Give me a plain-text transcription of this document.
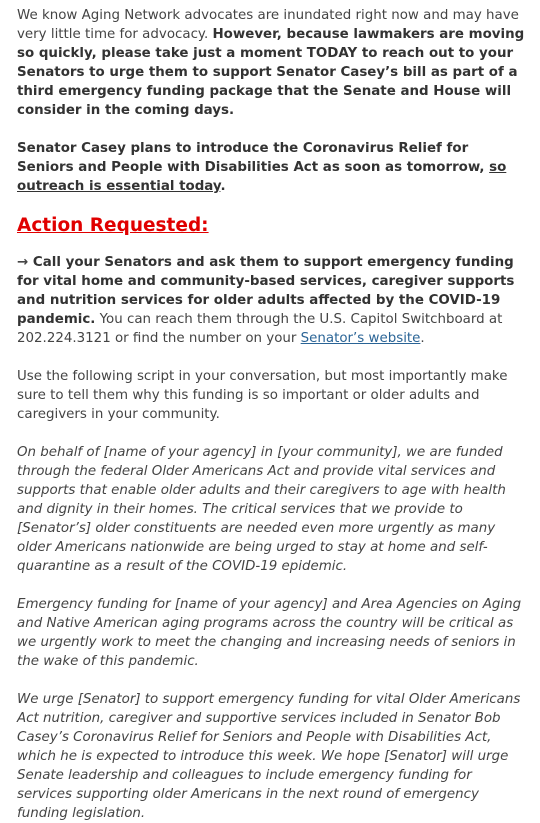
We know Aging Network advocates are inundated right now and may have very little time for advocacy. However, because lawmakers are moving so quickly, please take just a moment TODAY to reach out to your Senators to urge them to support Senator Casey’s bill as part of a third emergency funding package that the Senate and House will consider in the coming days.

Senator Casey plans to introduce the Coronavirus Relief for Seniors and People with Disabilities Act as soon as tomorrow, so outreach is essential today.

Action Requested:

→ Call your Senators and ask them to support emergency funding for vital home and community-based services, caregiver supports and nutrition services for older adults affected by the COVID-19 pandemic. You can reach them through the U.S. Capitol Switchboard at 202.224.3121 or find the number on your Senator’s website.

Use the following script in your conversation, but most importantly make sure to tell them why this funding is so important or older adults and caregivers in your community.

On behalf of [name of your agency] in [your community], we are funded through the federal Older Americans Act and provide vital services and supports that enable older adults and their caregivers to age with health and dignity in their homes. The critical services that we provide to [Senator’s] older constituents are needed even more urgently as many older Americans nationwide are being urged to stay at home and self-quarantine as a result of the COVID-19 epidemic.

Emergency funding for [name of your agency] and Area Agencies on Aging and Native American aging programs across the country will be critical as we urgently work to meet the changing and increasing needs of seniors in the wake of this pandemic.

We urge [Senator] to support emergency funding for vital Older Americans Act nutrition, caregiver and supportive services included in Senator Bob Casey’s Coronavirus Relief for Seniors and People with Disabilities Act, which he is expected to introduce this week. We hope [Senator] will urge Senate leadership and colleagues to include emergency funding for services supporting older Americans in the next round of emergency funding legislation.
